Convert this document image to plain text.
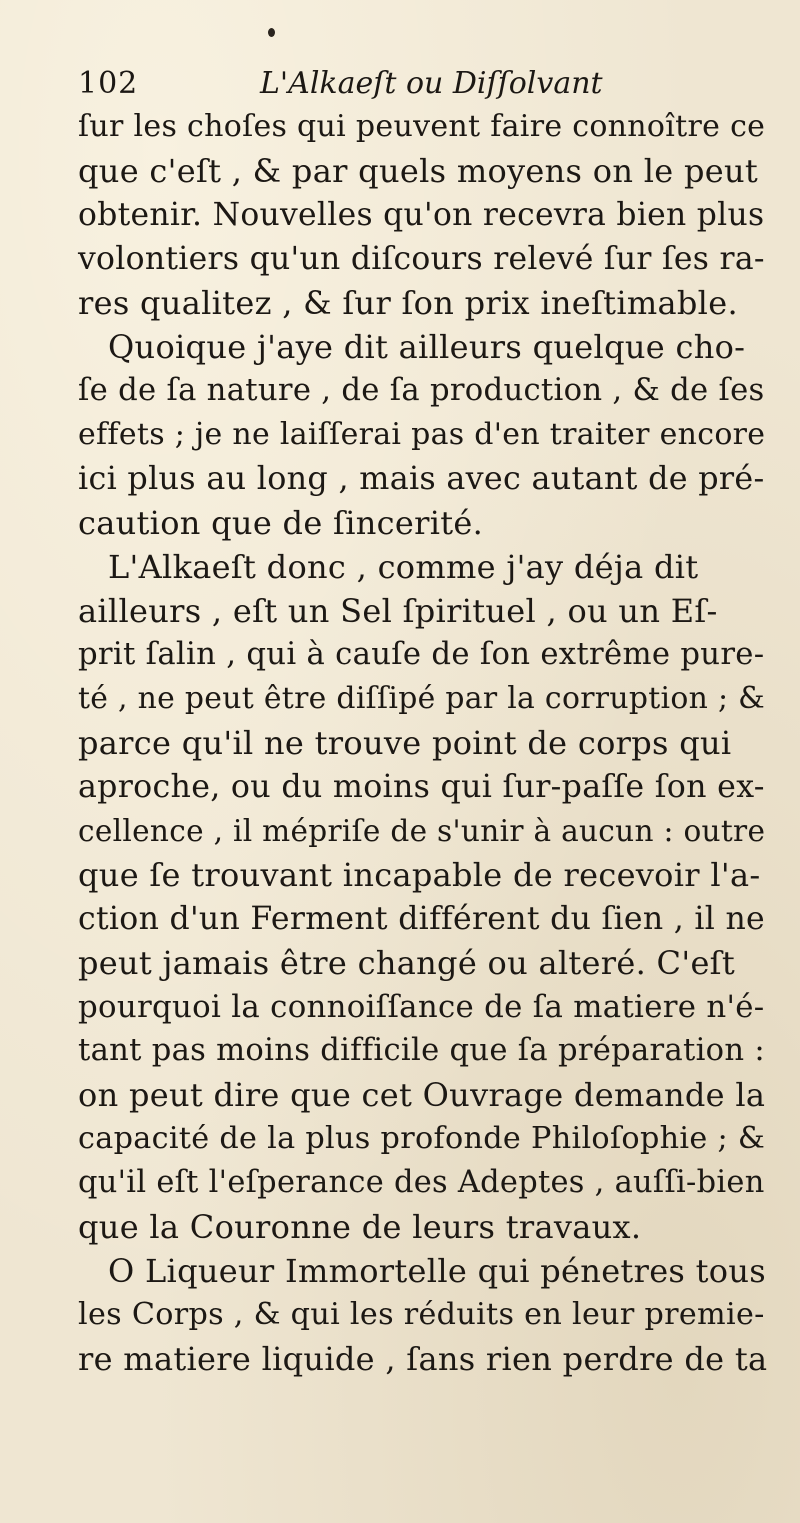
102	L'Alkaeſt ou Diſſolvant
ſur les choſes qui peuvent faire connoître ce
que c'eſt , & par quels moyens on le peut
obtenir. Nouvelles qu'on recevra bien plus
volontiers qu'un diſcours relevé ſur ſes ra-
res qualitez , & ſur ſon prix ineſtimable.
Quoique j'aye dit ailleurs quelque cho-
ſe de ſa nature , de ſa production , & de ſes
effets ; je ne laiſſerai pas d'en traiter encore
ici plus au long , mais avec autant de pré-
caution que de ſincerité.
L'Alkaeſt donc , comme j'ay déja dit
ailleurs , eſt un Sel ſpirituel , ou un Eſ-
prit ſalin , qui à cauſe de ſon extrême pure-
té , ne peut être diſſipé par la corruption ; &
parce qu'il ne trouve point de corps qui
aproche, ou du moins qui ſur-paſſe ſon ex-
cellence , il mépriſe de s'unir à aucun : outre
que ſe trouvant incapable de recevoir l'a-
ction d'un Ferment différent du ſien , il ne
peut jamais être changé ou alteré. C'eſt
pourquoi la connoiſſance de ſa matiere n'é-
tant pas moins difficile que ſa préparation :
on peut dire que cet Ouvrage demande la
capacité de la plus profonde Philoſophie ; &
qu'il eſt l'eſperance des Adeptes , auſſi-bien
que la Couronne de leurs travaux.
O Liqueur Immortelle qui pénetres tous
les Corps , & qui les réduits en leur premie-
re matiere liquide , ſans rien perdre de ta
